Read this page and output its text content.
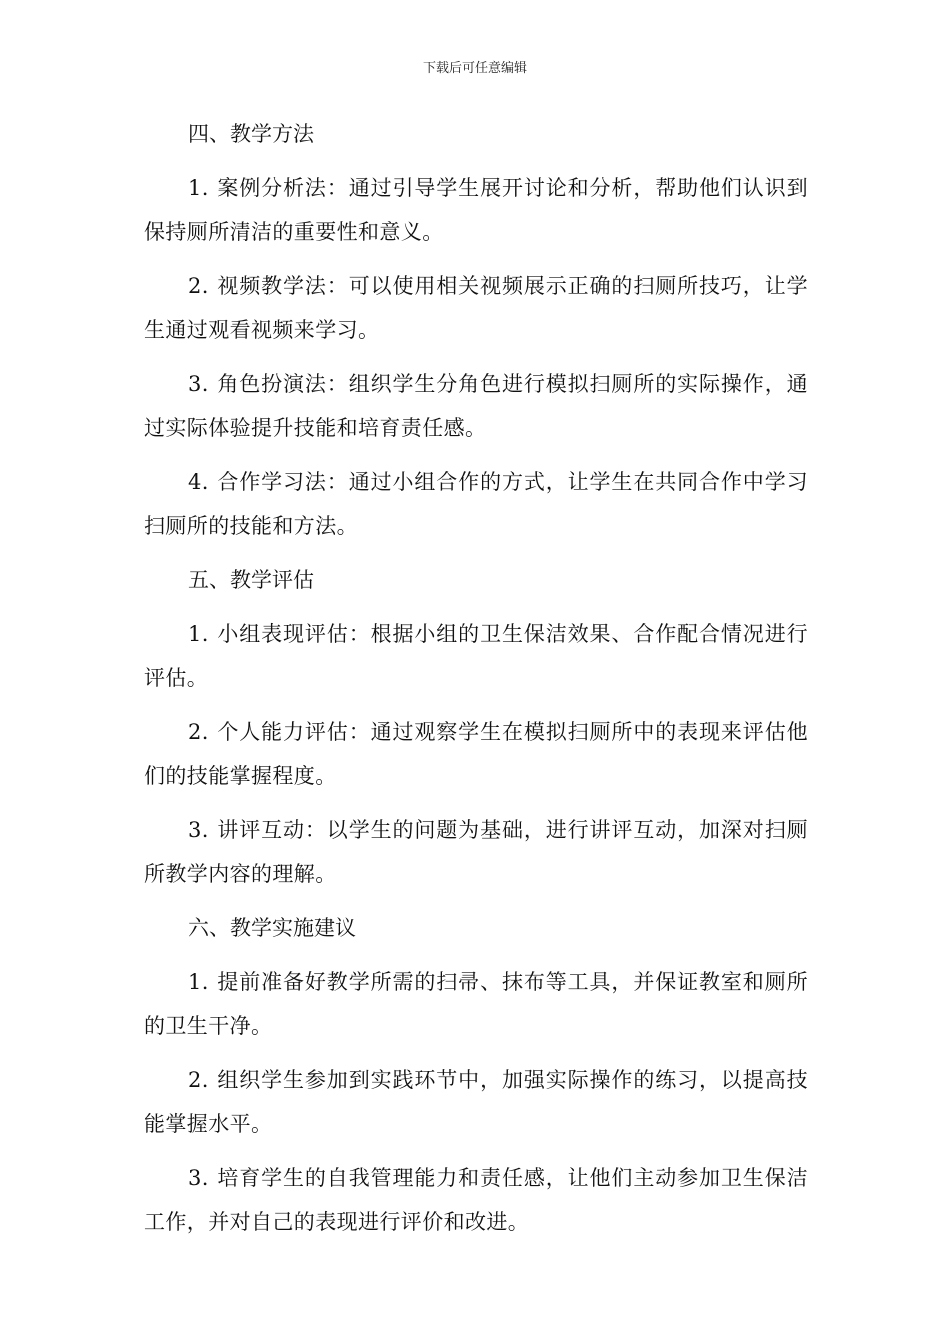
下载后可任意编辑

四、教学方法

1. 案例分析法：通过引导学生展开讨论和分析，帮助他们认识到保持厕所清洁的重要性和意义。

2. 视频教学法：可以使用相关视频展示正确的扫厕所技巧，让学生通过观看视频来学习。

3. 角色扮演法：组织学生分角色进行模拟扫厕所的实际操作，通过实际体验提升技能和培育责任感。

4. 合作学习法：通过小组合作的方式，让学生在共同合作中学习扫厕所的技能和方法。

五、教学评估

1. 小组表现评估：根据小组的卫生保洁效果、合作配合情况进行评估。

2. 个人能力评估：通过观察学生在模拟扫厕所中的表现来评估他们的技能掌握程度。

3. 讲评互动：以学生的问题为基础，进行讲评互动，加深对扫厕所教学内容的理解。

六、教学实施建议

1. 提前准备好教学所需的扫帚、抹布等工具，并保证教室和厕所的卫生干净。

2. 组织学生参加到实践环节中，加强实际操作的练习，以提高技能掌握水平。

3. 培育学生的自我管理能力和责任感，让他们主动参加卫生保洁工作，并对自己的表现进行评价和改进。
